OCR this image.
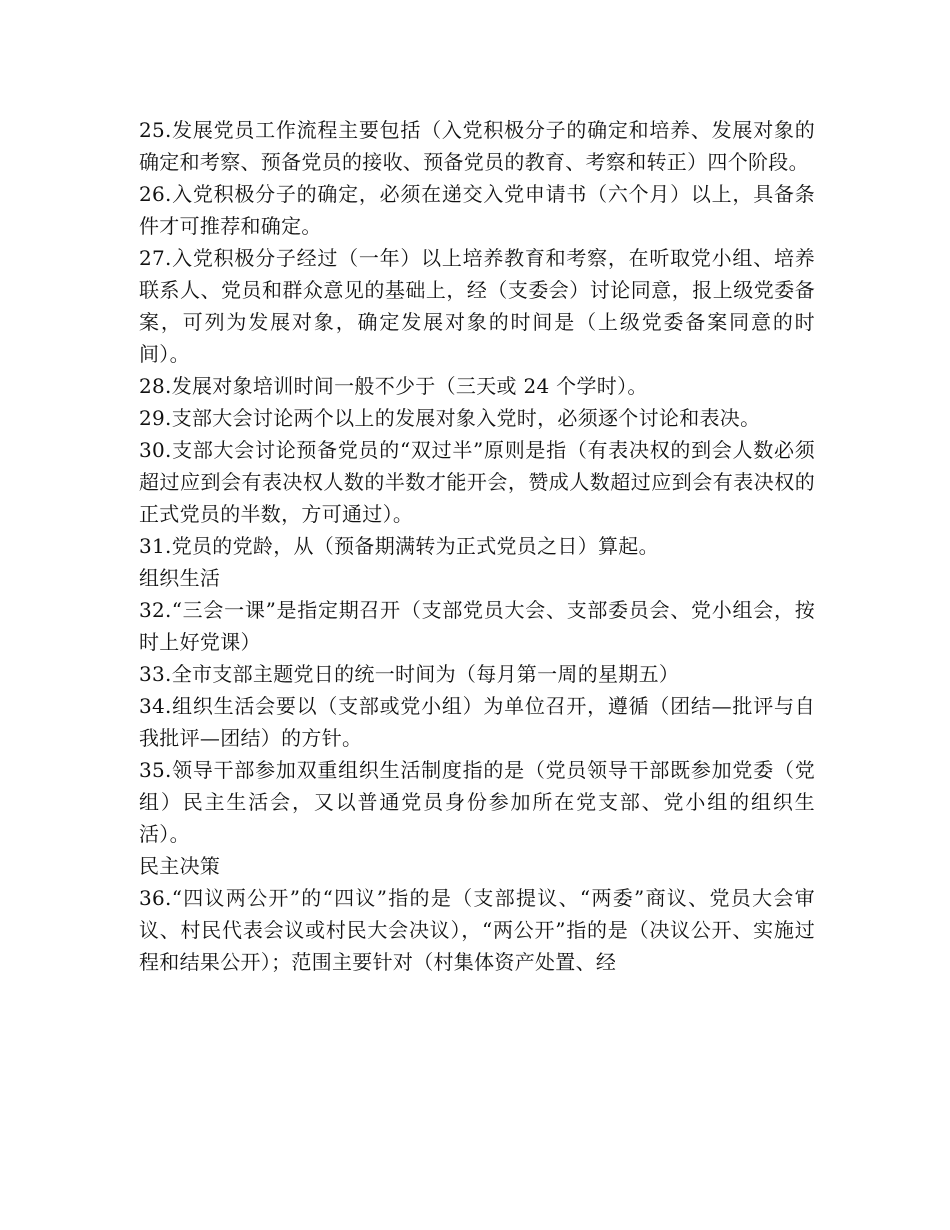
25.发展党员工作流程主要包括（入党积极分子的确定和培养、发展对象的确定和考察、预备党员的接收、预备党员的教育、考察和转正）四个阶段。

26.入党积极分子的确定，必须在递交入党申请书（六个月）以上，具备条件才可推荐和确定。

27.入党积极分子经过（一年）以上培养教育和考察，在听取党小组、培养联系人、党员和群众意见的基础上，经（支委会）讨论同意，报上级党委备案，可列为发展对象，确定发展对象的时间是（上级党委备案同意的时间）。

28.发展对象培训时间一般不少于（三天或 24 个学时）。

29.支部大会讨论两个以上的发展对象入党时，必须逐个讨论和表决。

30.支部大会讨论预备党员的“双过半”原则是指（有表决权的到会人数必须超过应到会有表决权人数的半数才能开会，赞成人数超过应到会有表决权的正式党员的半数，方可通过）。

31.党员的党龄，从（预备期满转为正式党员之日）算起。

组织生活

32.“三会一课”是指定期召开（支部党员大会、支部委员会、党小组会，按时上好党课）

33.全市支部主题党日的统一时间为（每月第一周的星期五）

34.组织生活会要以（支部或党小组）为单位召开，遵循（团结—批评与自我批评—团结）的方针。

35.领导干部参加双重组织生活制度指的是（党员领导干部既参加党委（党组）民主生活会，又以普通党员身份参加所在党支部、党小组的组织生活）。

民主决策

36.“四议两公开”的“四议”指的是（支部提议、“两委”商议、党员大会审议、村民代表会议或村民大会决议），“两公开”指的是（决议公开、实施过程和结果公开）；范围主要针对（村集体资产处置、经
